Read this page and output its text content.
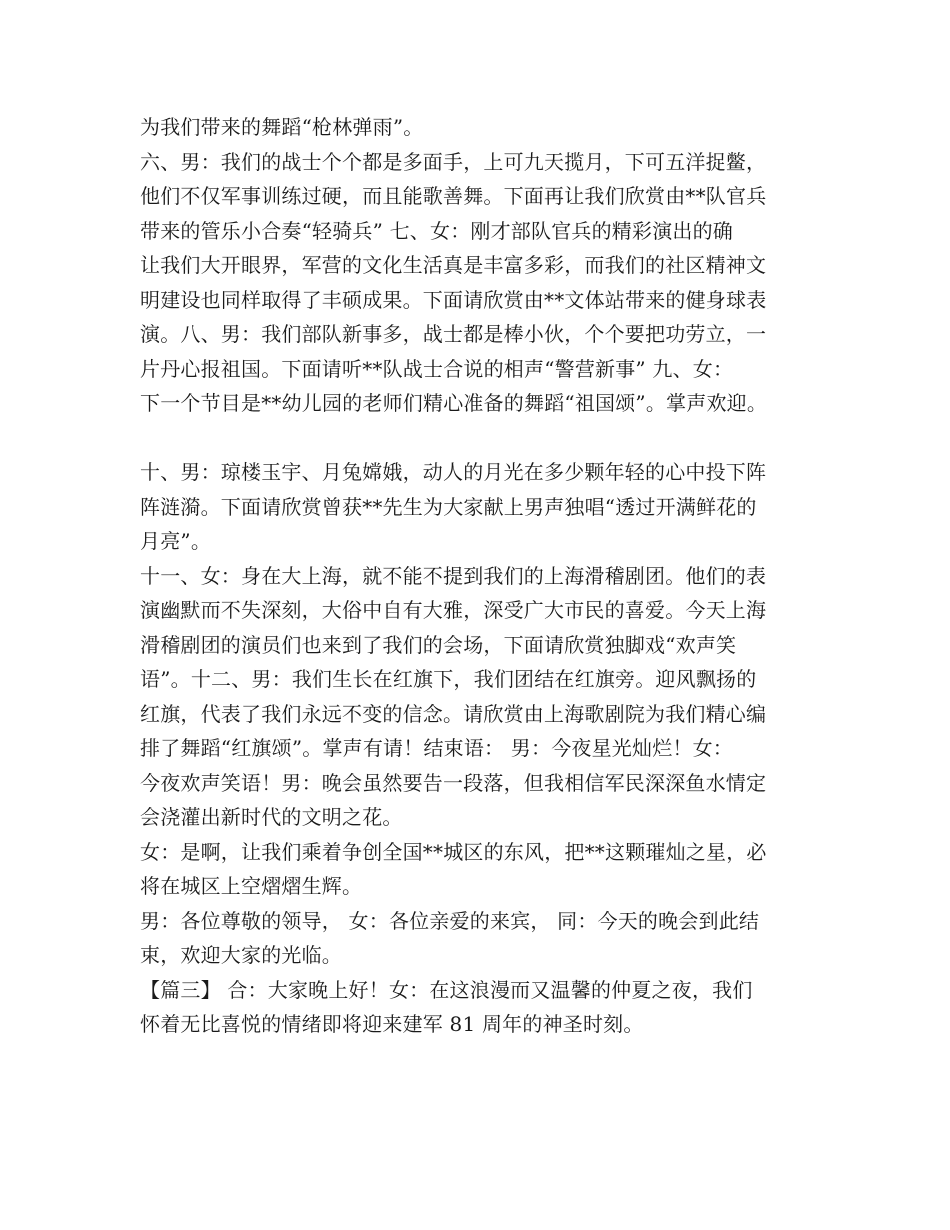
为我们带来的舞蹈“枪林弹雨”。
六、男：我们的战士个个都是多面手，上可九天揽月，下可五洋捉鳖，
他们不仅军事训练过硬，而且能歌善舞。下面再让我们欣赏由**队官兵
带来的管乐小合奏“轻骑兵” 七、女：刚才部队官兵的精彩演出的确
让我们大开眼界，军营的文化生活真是丰富多彩，而我们的社区精神文
明建设也同样取得了丰硕成果。下面请欣赏由**文体站带来的健身球表
演。八、男：我们部队新事多，战士都是棒小伙，个个要把功劳立，一
片丹心报祖国。下面请听**队战士合说的相声“警营新事” 九、女：
下一个节目是**幼儿园的老师们精心准备的舞蹈“祖国颂”。掌声欢迎。
十、男：琼楼玉宇、月兔嫦娥，动人的月光在多少颗年轻的心中投下阵
阵涟漪。下面请欣赏曾获**先生为大家献上男声独唱“透过开满鲜花的
月亮”。
十一、女：身在大上海，就不能不提到我们的上海滑稽剧团。他们的表
演幽默而不失深刻，大俗中自有大雅，深受广大市民的喜爱。今天上海
滑稽剧团的演员们也来到了我们的会场，下面请欣赏独脚戏“欢声笑
语”。十二、男：我们生长在红旗下，我们团结在红旗旁。迎风飘扬的
红旗，代表了我们永远不变的信念。请欣赏由上海歌剧院为我们精心编
排了舞蹈“红旗颂”。掌声有请！结束语： 男：今夜星光灿烂！女：
今夜欢声笑语！男：晚会虽然要告一段落，但我相信军民深深鱼水情定
会浇灌出新时代的文明之花。
女：是啊，让我们乘着争创全国**城区的东风，把**这颗璀灿之星，必
将在城区上空熠熠生辉。
男：各位尊敬的领导， 女：各位亲爱的来宾， 同：今天的晚会到此结
束，欢迎大家的光临。
【篇三】 合：大家晚上好！女：在这浪漫而又温馨的仲夏之夜，我们
怀着无比喜悦的情绪即将迎来建军 81 周年的神圣时刻。
